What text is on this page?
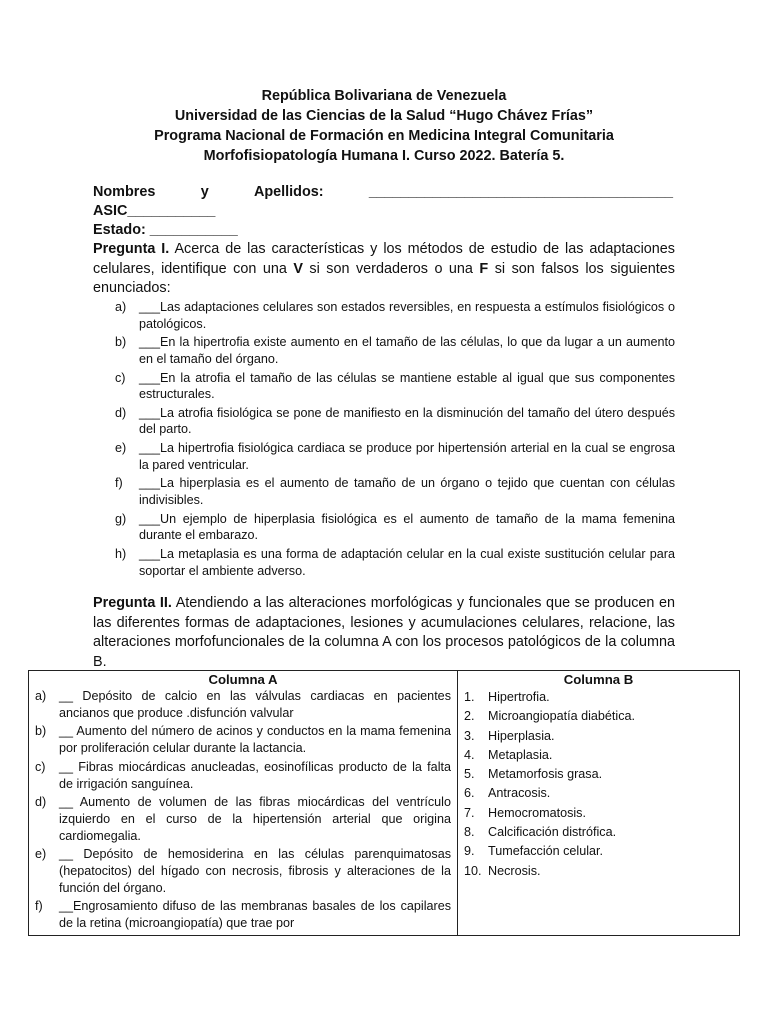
República Bolivariana de Venezuela
Universidad de las Ciencias de la Salud “Hugo Chávez Frías”
Programa Nacional de Formación en Medicina Integral Comunitaria
Morfofisiopatología Humana I. Curso 2022. Batería 5.
Nombres	y	Apellidos:	______________________________________
ASIC___________
Estado: ___________
Pregunta I. Acerca de las características y los métodos de estudio de las adaptaciones celulares, identifique con una V si son verdaderos o una F si son falsos los siguientes enunciados:
a)	___Las adaptaciones celulares son estados reversibles, en respuesta a estímulos fisiológicos o patológicos.
b)	___En la hipertrofia existe aumento en el tamaño de las células, lo que da lugar a un aumento en el tamaño del órgano.
c)	___En la atrofia el tamaño de las células se mantiene estable al igual que sus componentes estructurales.
d)	___La atrofia fisiológica se pone de manifiesto en la disminución del tamaño del útero después del parto.
e)	___La hipertrofia fisiológica cardiaca se produce por hipertensión arterial en la cual se engrosa la pared ventricular.
f)	___La hiperplasia es el aumento de tamaño de un órgano o tejido que cuentan con células indivisibles.
g)	___Un ejemplo de hiperplasia fisiológica es el aumento de tamaño de la mama femenina durante el embarazo.
h)	___La metaplasia es una forma de adaptación celular en la cual existe sustitución celular para soportar el ambiente adverso.
Pregunta II. Atendiendo a las alteraciones morfológicas y funcionales que se producen en las diferentes formas de adaptaciones, lesiones y acumulaciones celulares, relacione, las alteraciones morfofuncionales de la columna A con los procesos patológicos de la columna B.
Columna A
a)	__ Depósito de calcio en las válvulas cardiacas en pacientes ancianos que produce .disfunción valvular
b)	__ Aumento del número de acinos y conductos en la mama femenina por proliferación celular durante la lactancia.
c)	__ Fibras miocárdicas anucleadas, eosinofílicas producto de la falta de irrigación sanguínea.
d)	__ Aumento de volumen de las fibras miocárdicas del ventrículo izquierdo en el curso de la hipertensión arterial que origina cardiomegalia.
e)	__ Depósito de hemosiderina en las células parenquimatosas (hepatocitos) del hígado con necrosis, fibrosis y alteraciones de la función del órgano.
f)	__Engrosamiento difuso de las membranas basales de los capilares de la retina (microangiopatía) que trae por

Columna B
1.	Hipertrofia.
2.	Microangiopatía diabética.
3.	Hiperplasia.
4.	Metaplasia.
5.	Metamorfosis grasa.
6.	Antracosis.
7.	Hemocromatosis.
8.	Calcificación distrófica.
9.	Tumefacción celular.
10. Necrosis.
